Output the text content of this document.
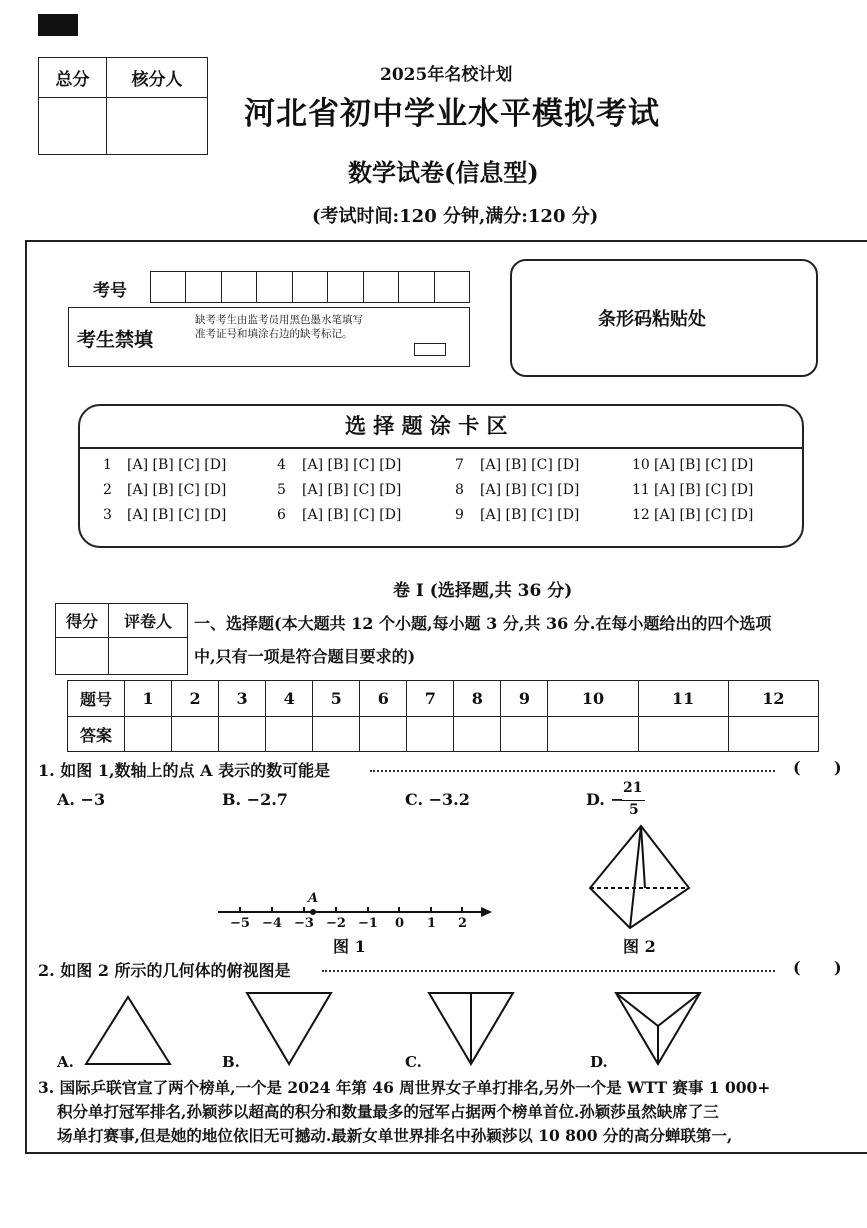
总分	核分人
		2025年名校计划
河北省初中学业水平模拟考试
数学试卷(信息型)
(考试时间:120 分钟,满分:120 分)
考号
考生禁填
缺考考生由监考员用黑色墨水笔填写准考证号和填涂右边的缺考标记。
条形码粘贴处
选 择 题 涂 卡 区
1 [A] [B] [C] [D]
2 [A] [B] [C] [D]
3 [A] [B] [C] [D]
4 [A] [B] [C] [D]
5 [A] [B] [C] [D]
6 [A] [B] [C] [D]
7 [A] [B] [C] [D]
8 [A] [B] [C] [D]
9 [A] [B] [C] [D]
10 [A] [B] [C] [D]
11 [A] [B] [C] [D]
12 [A] [B] [C] [D]
卷 I (选择题,共 36 分)
得分	评卷人
	一、选择题(本大题共 12 个小题,每小题 3 分,共 36 分.在每小题给出的四个选项
中,只有一项是符合题目要求的)
题号	1	2	3	4	5	6	7	8	9	10	11	12
答案												
1. 如图 1,数轴上的点 A 表示的数可能是	(      )
A. −3	B. −2.7	C. −3.2	D. −
21
5
A
−5 −4 −3 −2 −1 0 1 2
图 1	图 2
2. 如图 2 所示的几何体的俯视图是	(      )
A.	B.	C.	D.
3. 国际乒联官宣了两个榜单,一个是 2024 年第 46 周世界女子单打排名,另外一个是 WTT 赛事 1 000+
积分单打冠军排名,孙颖莎以超高的积分和数量最多的冠军占据两个榜单首位.孙颖莎虽然缺席了三
场单打赛事,但是她的地位依旧无可撼动.最新女单世界排名中孙颖莎以 10 800 分的高分蝉联第一,
